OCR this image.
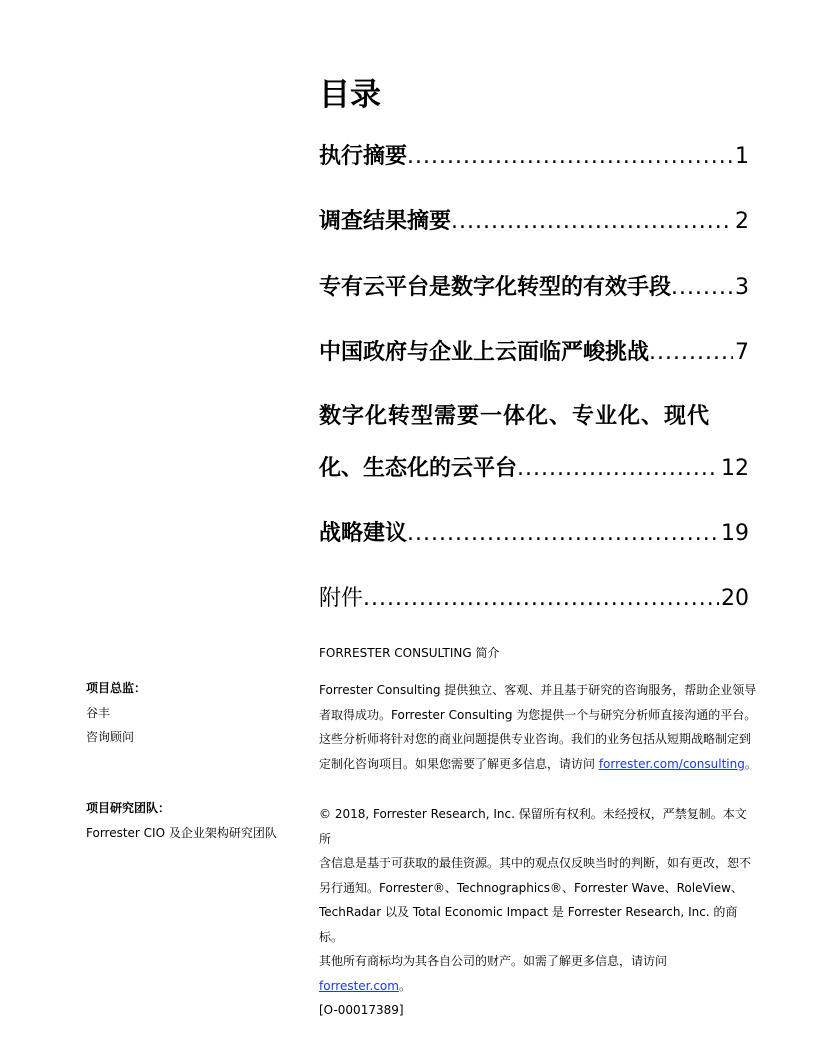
目录
执行摘要 .....	1
调查结果摘要 .....	2
专有云平台是数字化转型的有效手段 .....	3
中国政府与企业上云面临严峻挑战 .....	7
数字化转型需要一体化、专业化、现代
化、生态化的云平台 .....	12
战略建议 .....	19
附件 .....	20
FORRESTER CONSULTING 简介
项目总监：
谷丰
咨询顾问
项目研究团队：
Forrester CIO 及企业架构研究团队
Forrester Consulting 提供独立、客观、并且基于研究的咨询服务，帮助企业领导
者取得成功。Forrester Consulting 为您提供一个与研究分析师直接沟通的平台。
这些分析师将针对您的商业问题提供专业咨询。我们的业务包括从短期战略制定到
定制化咨询项目。如果您需要了解更多信息，请访问 forrester.com/consulting。
© 2018, Forrester Research, Inc. 保留所有权利。未经授权，严禁复制。本文所
含信息是基于可获取的最佳资源。其中的观点仅反映当时的判断，如有更改，恕不
另行通知。Forrester®、Technographics®、Forrester Wave、RoleView、
TechRadar 以及 Total Economic Impact 是 Forrester Research, Inc. 的商标。
其他所有商标均为其各自公司的财产。如需了解更多信息，请访问 forrester.com。
[O-00017389]
